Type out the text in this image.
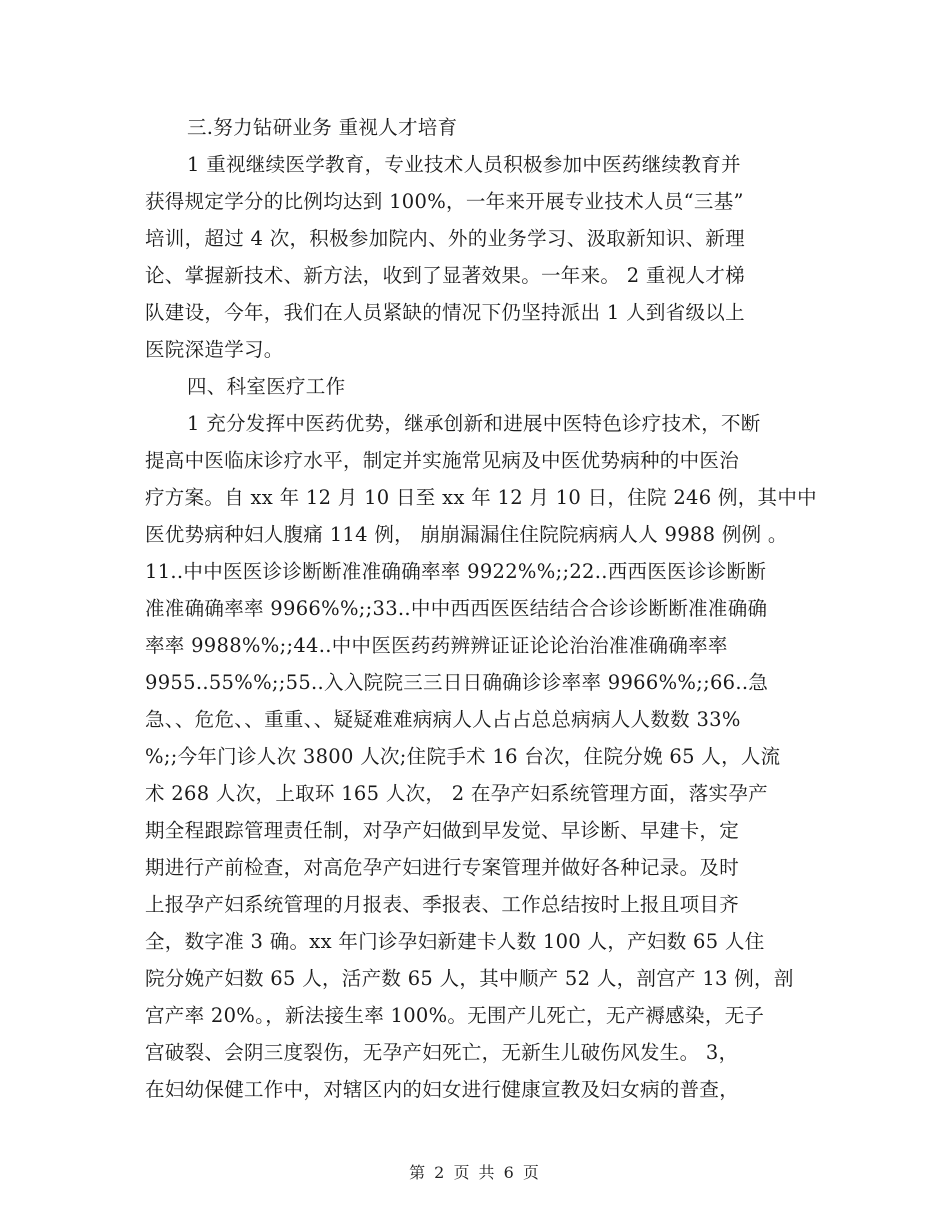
三.努力钻研业务 重视人才培育
1 重视继续医学教育，专业技术人员积极参加中医药继续教育并
获得规定学分的比例均达到 100%，一年来开展专业技术人员“三基”
培训，超过 4 次，积极参加院内、外的业务学习、汲取新知识、新理
论、掌握新技术、新方法，收到了显著效果。一年来。 2 重视人才梯
队建设，今年，我们在人员紧缺的情况下仍坚持派出 1 人到省级以上
医院深造学习。
四、科室医疗工作
1 充分发挥中医药优势，继承创新和进展中医特色诊疗技术，不断
提高中医临床诊疗水平，制定并实施常见病及中医优势病种的中医治
疗方案。自 xx 年 12 月 10 日至 xx 年 12 月 10 日，住院 246 例，其中中
医优势病种妇人腹痛 114 例， 崩崩漏漏住住院院病病人人 9988 例例 。
11..中中医医诊诊断断准准确确率率 9922%%;;22..西西医医诊诊断断
准准确确率率 9966%%;;33..中中西西医医结结合合诊诊断断准准确确
率率 9988%%;;44..中中医医药药辨辨证证论论治治准准确确率率
9955..55%%;;55..入入院院三三日日确确诊诊率率 9966%%;;66..急
急、、危危、、重重、、疑疑难难病病人人占占总总病病人人数数 33%
%;;今年门诊人次 3800 人次;住院手术 16 台次，住院分娩 65 人，人流
术 268 人次，上取环 165 人次， 2 在孕产妇系统管理方面，落实孕产
期全程跟踪管理责任制，对孕产妇做到早发觉、早诊断、早建卡，定
期进行产前检查，对高危孕产妇进行专案管理并做好各种记录。及时
上报孕产妇系统管理的月报表、季报表、工作总结按时上报且项目齐
全，数字准 3 确。xx 年门诊孕妇新建卡人数 100 人，产妇数 65 人住
院分娩产妇数 65 人，活产数 65 人，其中顺产 52 人，剖宫产 13 例，剖
宫产率 20%。，新法接生率 100%。无围产儿死亡，无产褥感染，无子
宫破裂、会阴三度裂伤，无孕产妇死亡，无新生儿破伤风发生。 3，
在妇幼保健工作中，对辖区内的妇女进行健康宣教及妇女病的普查，
第 2 页 共 6 页
